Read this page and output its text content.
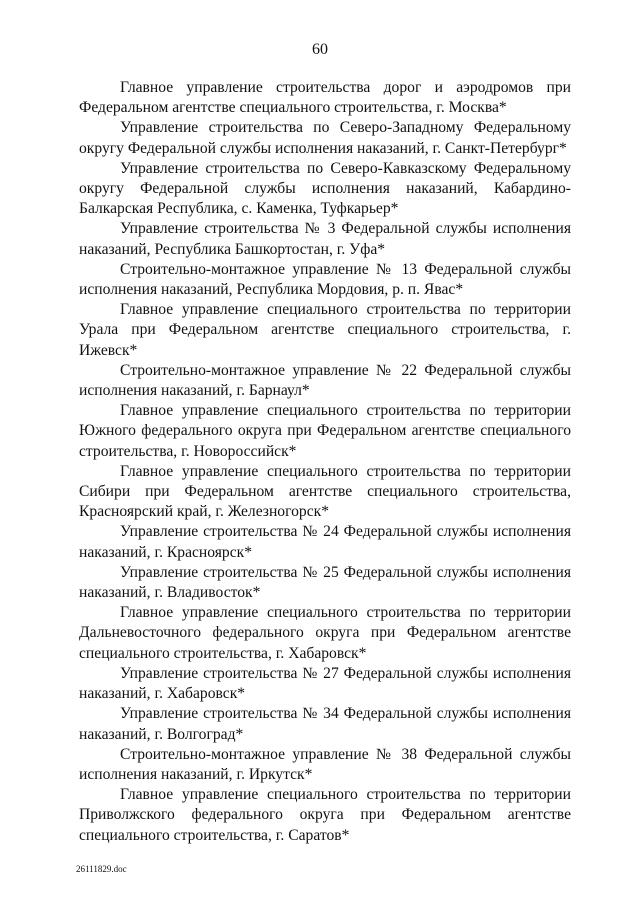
60

Главное управление строительства дорог и аэродромов при Федеральном агентстве специального строительства, г. Москва*

Управление строительства по Северо-Западному Федеральному округу Федеральной службы исполнения наказаний, г. Санкт-Петербург*

Управление строительства по Северо-Кавказскому Федеральному округу Федеральной службы исполнения наказаний, Кабардино-Балкарская Республика, с. Каменка, Туфкарьер*

Управление строительства № 3 Федеральной службы исполнения наказаний, Республика Башкортостан, г. Уфа*

Строительно-монтажное управление № 13 Федеральной службы исполнения наказаний, Республика Мордовия, р. п. Явас*

Главное управление специального строительства по территории Урала при Федеральном агентстве специального строительства, г. Ижевск*

Строительно-монтажное управление № 22 Федеральной службы исполнения наказаний, г. Барнаул*

Главное управление специального строительства по территории Южного федерального округа при Федеральном агентстве специального строительства, г. Новороссийск*

Главное управление специального строительства по территории Сибири при Федеральном агентстве специального строительства, Красноярский край, г. Железногорск*

Управление строительства № 24 Федеральной службы исполнения наказаний, г. Красноярск*

Управление строительства № 25 Федеральной службы исполнения наказаний, г. Владивосток*

Главное управление специального строительства по территории Дальневосточного федерального округа при Федеральном агентстве специального строительства, г. Хабаровск*

Управление строительства № 27 Федеральной службы исполнения наказаний, г. Хабаровск*

Управление строительства № 34 Федеральной службы исполнения наказаний, г. Волгоград*

Строительно-монтажное управление № 38 Федеральной службы исполнения наказаний, г. Иркутск*

Главное управление специального строительства по территории Приволжского федерального округа при Федеральном агентстве специального строительства, г. Саратов*

26111829.doc
